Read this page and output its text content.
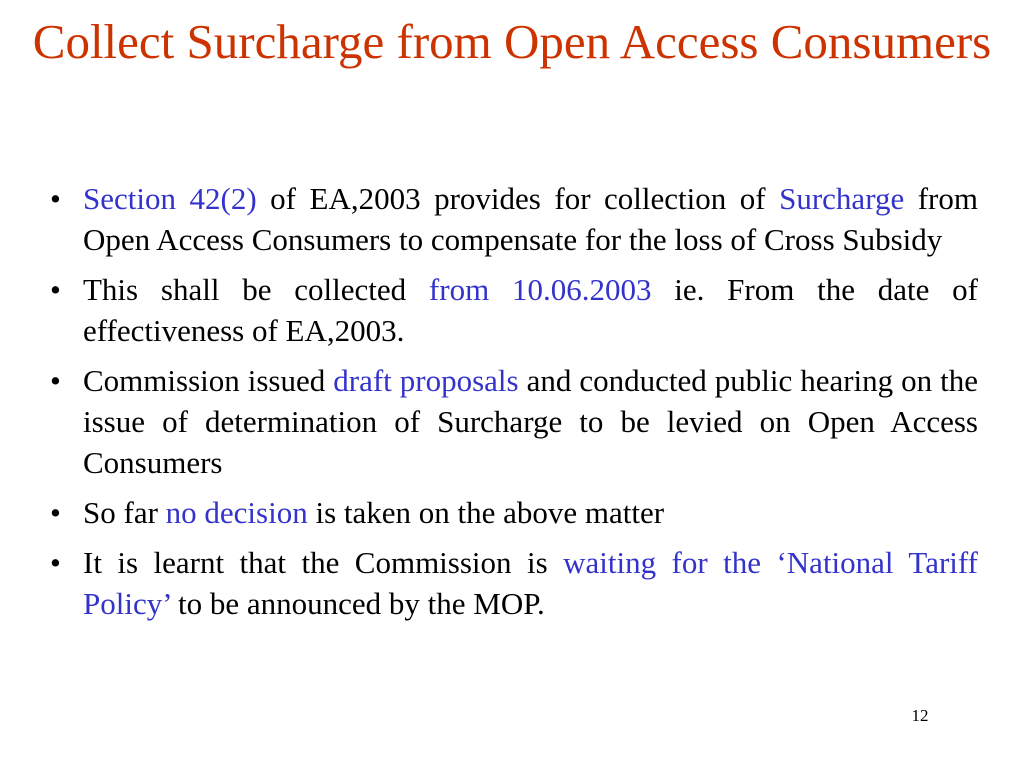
Collect Surcharge from Open Access Consumers
• Section 42(2) of EA,2003 provides for collection of Surcharge from Open Access Consumers to compensate for the loss of Cross Subsidy
• This shall be collected from 10.06.2003 ie. From the date of effectiveness of EA,2003.
• Commission issued draft proposals and conducted public hearing on the issue of determination of Surcharge to be levied on Open Access Consumers
• So far no decision is taken on the above matter
• It is learnt that the Commission is waiting for the ‘National Tariff Policy’ to be announced by the MOP.
12
